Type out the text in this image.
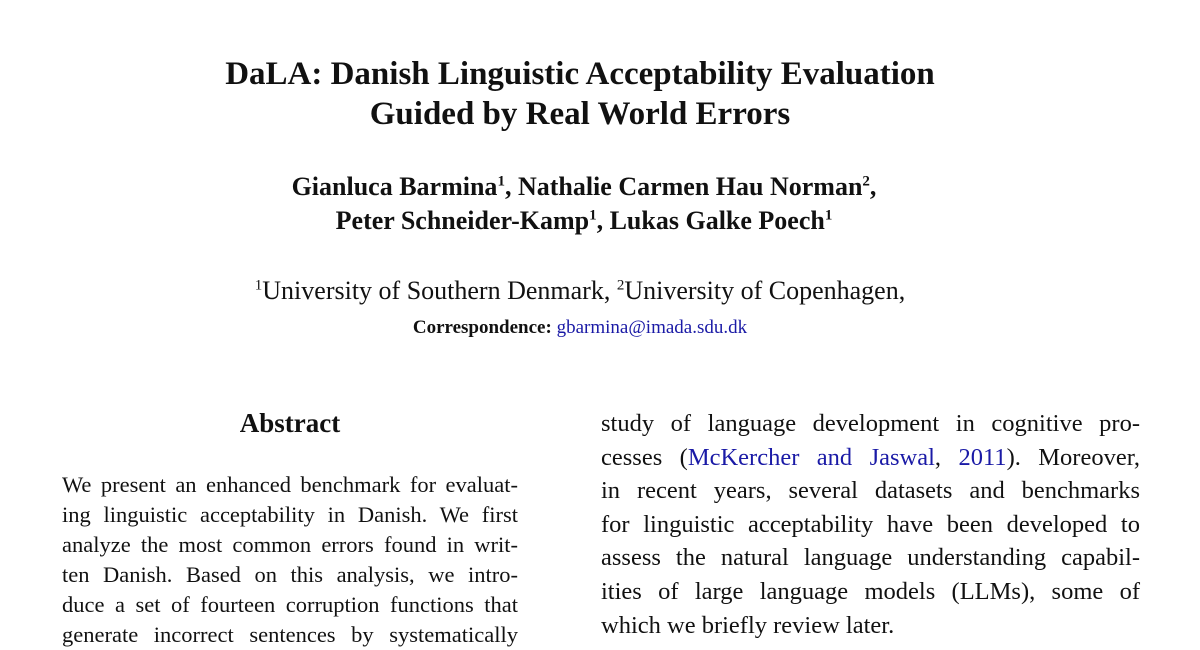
DaLA: Danish Linguistic Acceptability Evaluation
Guided by Real World Errors
Gianluca Barmina$^1$, Nathalie Carmen Hau Norman$^2$,
Peter Schneider-Kamp$^1$, Lukas Galke Poech$^1$
$^1$University of Southern Denmark, $^2$University of Copenhagen,
Correspondence: gbarmina@imada.sdu.dk
Abstract
We present an enhanced benchmark for evaluat-
ing linguistic acceptability in Danish. We first
analyze the most common errors found in writ-
ten Danish. Based on this analysis, we intro-
duce a set of fourteen corruption functions that
generate incorrect sentences by systematically
study of language development in cognitive pro-
cesses (McKercher and Jaswal, 2011). Moreover,
in recent years, several datasets and benchmarks
for linguistic acceptability have been developed to
assess the natural language understanding capabil-
ities of large language models (LLMs), some of
which we briefly review later.
